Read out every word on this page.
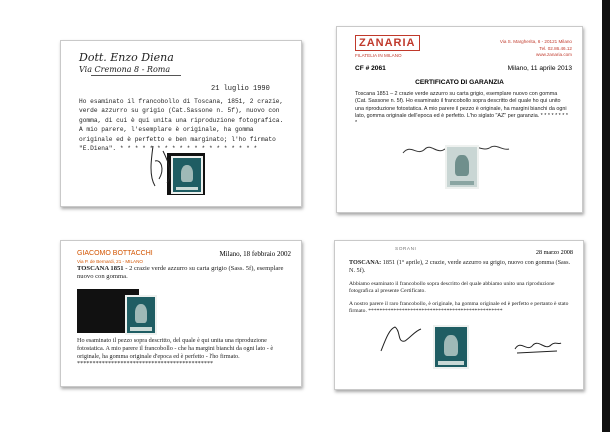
Dott. Enzo Diena
Via Cremona 8 - Roma
21 luglio 1990
Ho esaminato il francobollo di Toscana, 1851, 2 crazie, verde azzurro su grigio (Cat.Sassone n. 5f), nuovo con gomma, di cui è qui unita una riproduzione fotografica. A mio parere, l'esemplare è originale, ha gomma originale ed è perfetto e ben marginato; l'ho firmato "E.Diena". * * * * * * * * * * * * * * * * * * *
ZANARIA
FILATELIA IN MILANO
Via S. Margherita, 6 - 20121 Milano
Tel. 02.86.46.12
www.zanaria.com
CF # 2061	Milano, 11 aprile 2013
CERTIFICATO DI GARANZIA
Toscana 1851 – 2 crazie verde azzurro su carta grigio, esemplare nuovo con gomma (Cat. Sassone n. 5f). Ho esaminato il francobollo sopra descritto del quale ho qui unito una riproduzione fotostatica. A mio parere il pezzo è originale, ha margini bianchi da ogni lato, gomma originale dell'epoca ed è perfetto. L'ho siglato "AZ" per garanzia. * * * * * * * * *
GIACOMO BOTTACCHI
Via P. de Bernardi, 21 - MILANO
Milano, 18 febbraio 2002
TOSCANA 1851 - 2 crazie verde azzurro su carta grigio (Sass. 5f), esemplare nuovo con gomma.
Ho esaminato il pezzo sopra descritto, del quale è qui unita una riproduzione fotostatica. A mio parere il francobollo - che ha margini bianchi da ogni lato - è originale, ha gomma originale d'epoca ed è perfetto - l'ho firmato. ********************************************
SORANI	28 marzo 2008
TOSCANA: 1851 (1° aprile), 2 crazie, verde azzurro su grigio, nuovo con gomma (Sass. N. 5f).
Abbiamo esaminato il francobollo sopra descritto del quale abbiamo unito una riproduzione fotografica al presente Certificato.
A nostro parere il raro francobollo, è originale, ha gomma originale ed è perfetto e pertanto è stato firmato. ************************************************
